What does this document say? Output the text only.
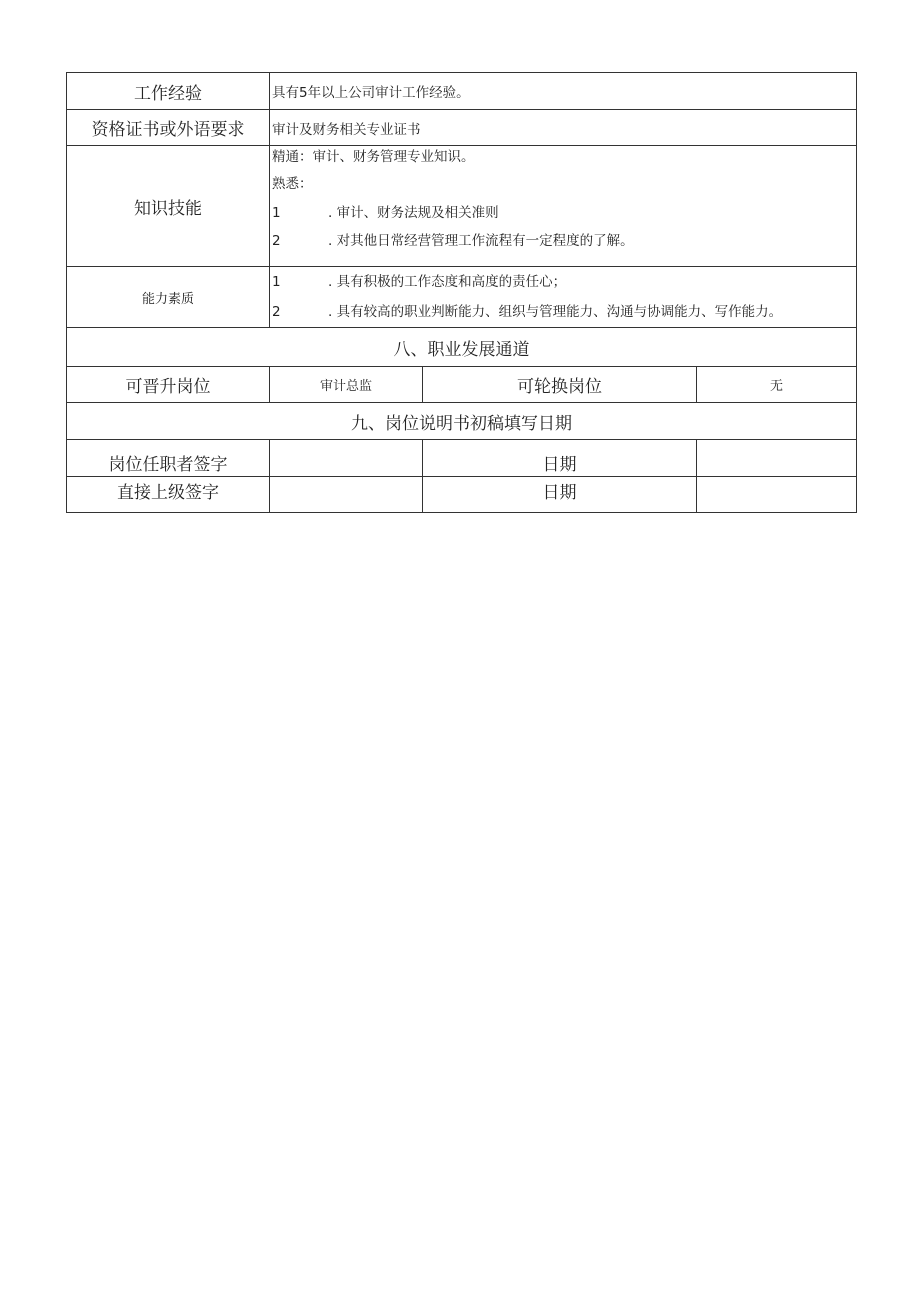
工作经验	具有5年以上公司审计工作经验。		
资格证书或外语要求	审计及财务相关专业证书		
知识技能	精通：审计、财务管理专业知识。
熟悉：
1 . 审计、财务法规及相关准则
2 . 对其他日常经营管理工作流程有一定程度的了解。		

能力素质	1 . 具有积极的工作态度和高度的责任心；
2 . 具有较高的职业判断能力、组织与管理能力、沟通与协调能力、写作能力。		

八、职业发展通道			
可晋升岗位	审计总监	可轮换岗位	无
九、岗位说明书初稿填写日期			
岗位任职者签字		日期	
直接上级签字		日期	
